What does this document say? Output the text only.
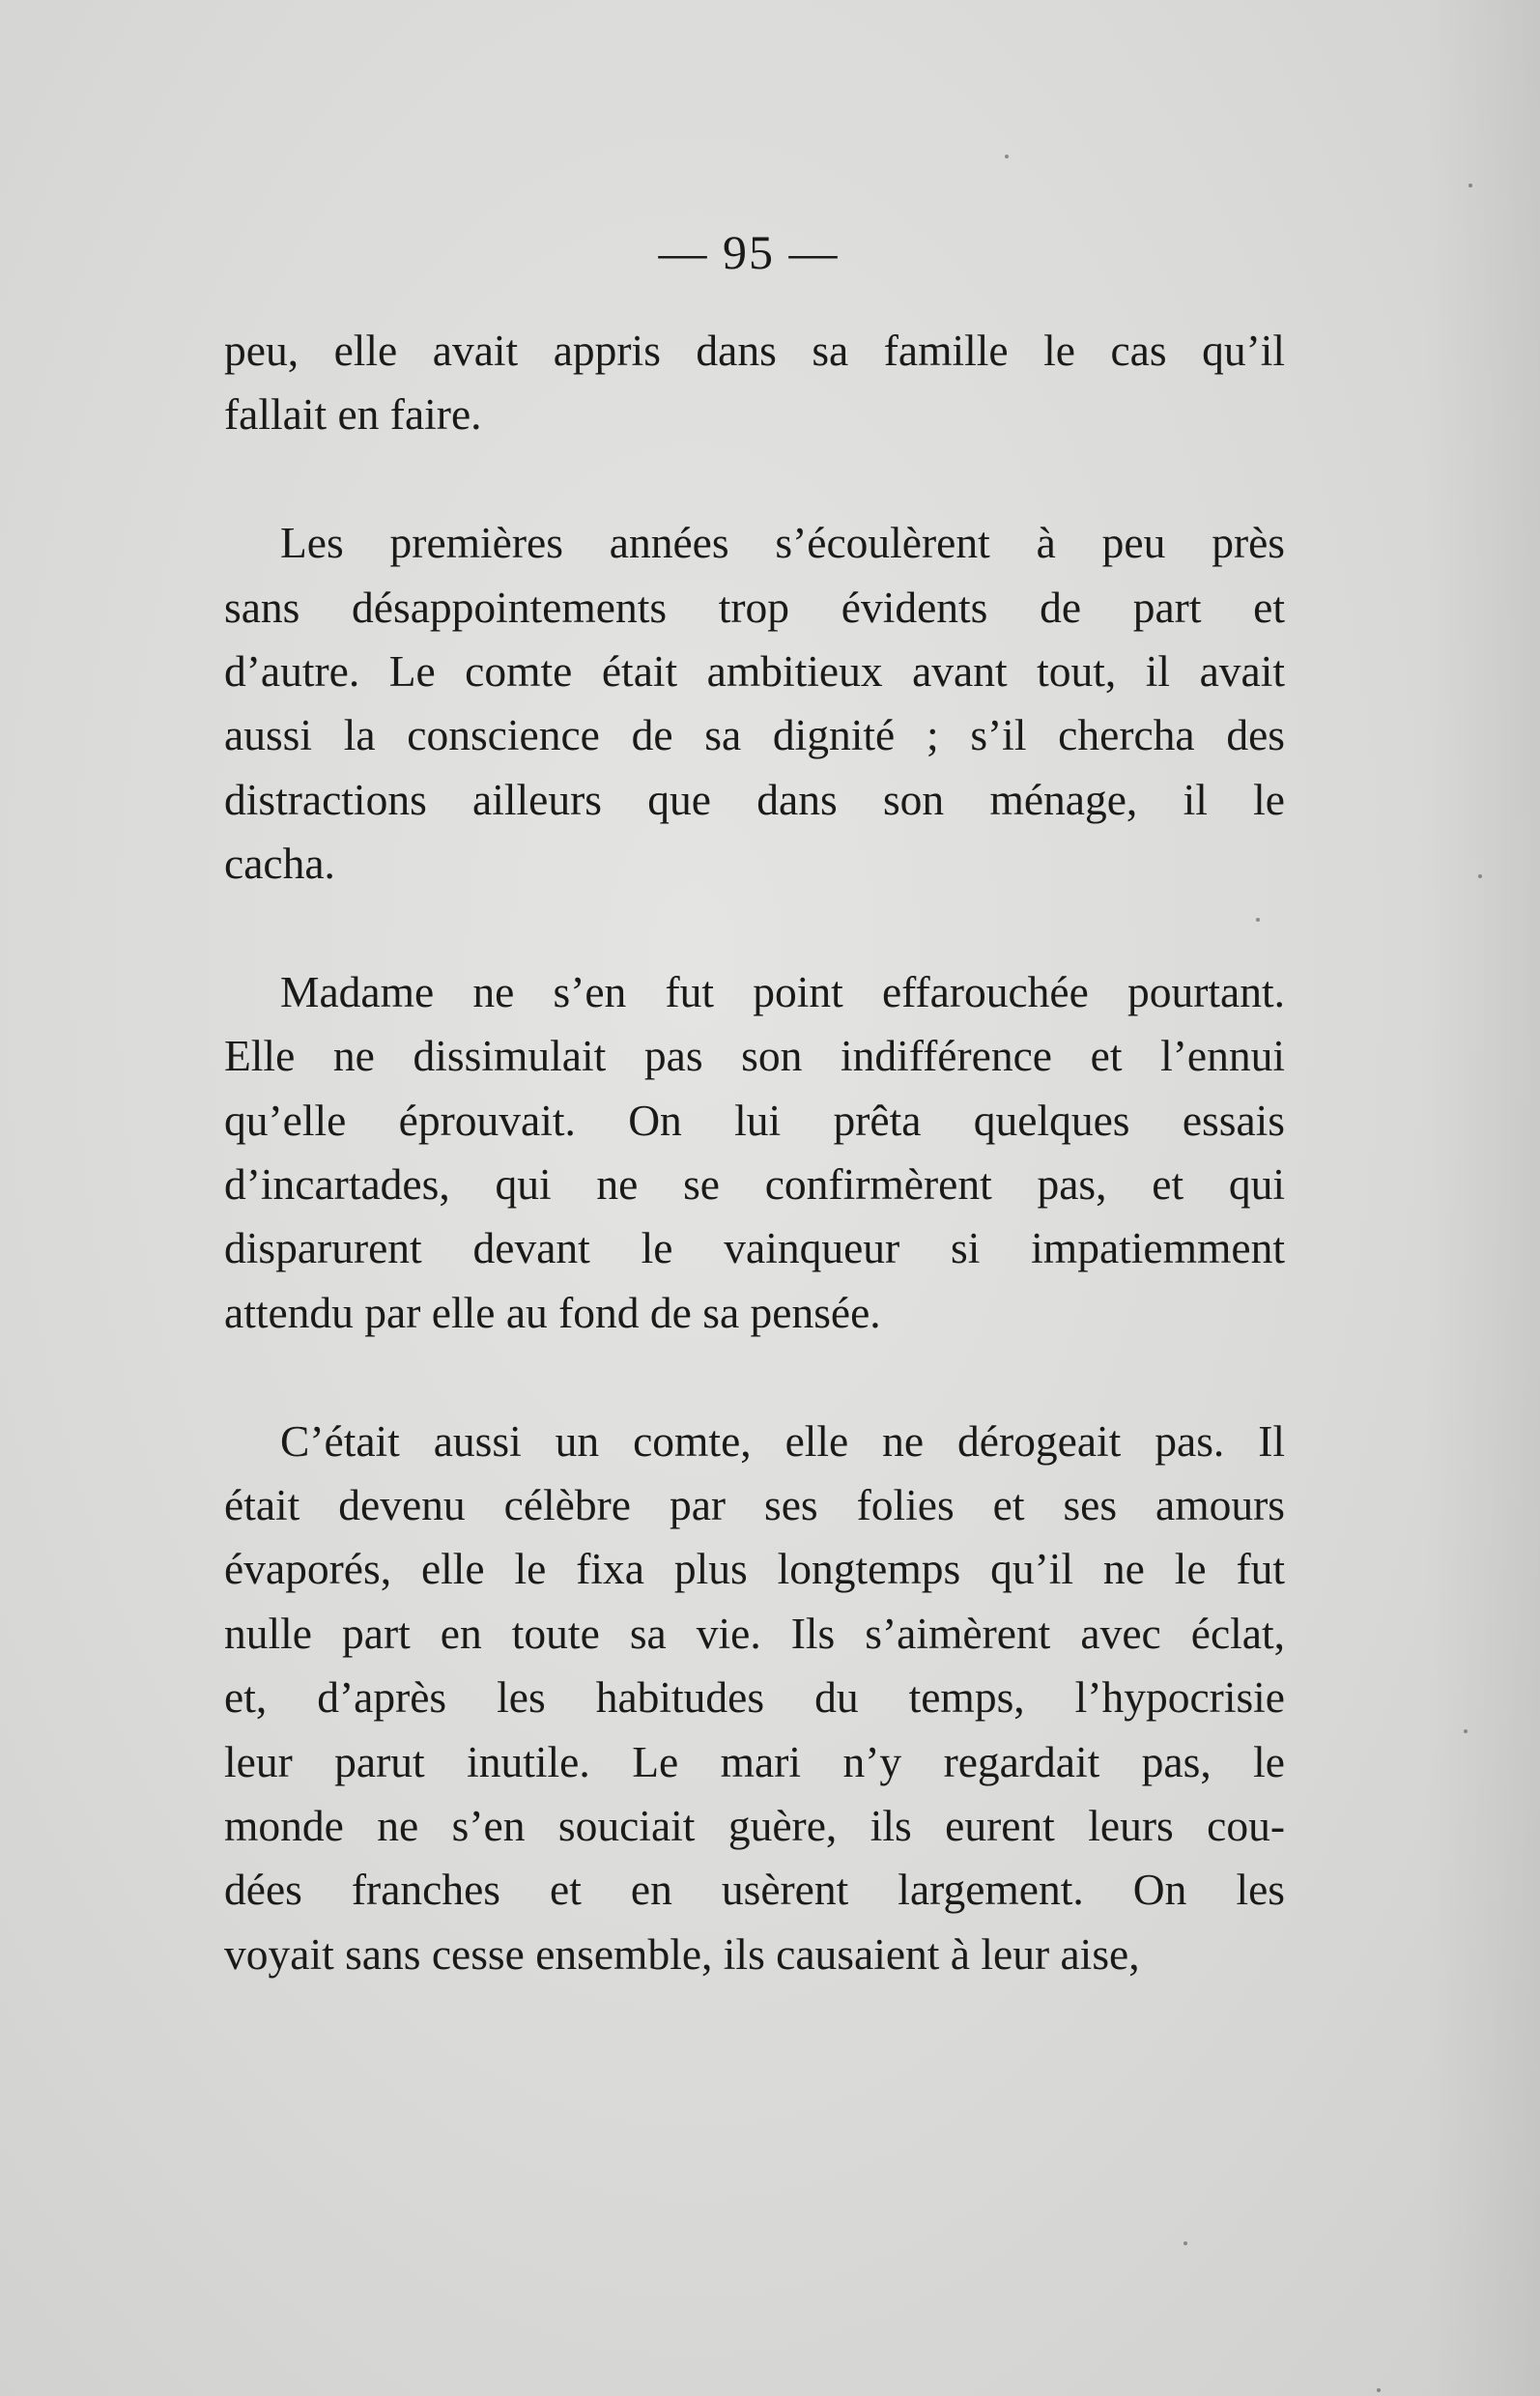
— 95 —
peu, elle avait appris dans sa famille le cas qu’il
fallait en faire.
Les premières années s’écoulèrent à peu près
sans désappointements trop évidents de part et
d’autre. Le comte était ambitieux avant tout, il avait
aussi la conscience de sa dignité ; s’il chercha des
distractions ailleurs que dans son ménage, il le
cacha.
Madame ne s’en fut point effarouchée pourtant.
Elle ne dissimulait pas son indifférence et l’ennui
qu’elle éprouvait. On lui prêta quelques essais
d’incartades, qui ne se confirmèrent pas, et qui
disparurent devant le vainqueur si impatiemment
attendu par elle au fond de sa pensée.
C’était aussi un comte, elle ne dérogeait pas. Il
était devenu célèbre par ses folies et ses amours
évaporés, elle le fixa plus longtemps qu’il ne le fut
nulle part en toute sa vie. Ils s’aimèrent avec éclat,
et, d’après les habitudes du temps, l’hypocrisie
leur parut inutile. Le mari n’y regardait pas, le
monde ne s’en souciait guère, ils eurent leurs cou-
dées franches et en usèrent largement. On les
voyait sans cesse ensemble, ils causaient à leur aise,
